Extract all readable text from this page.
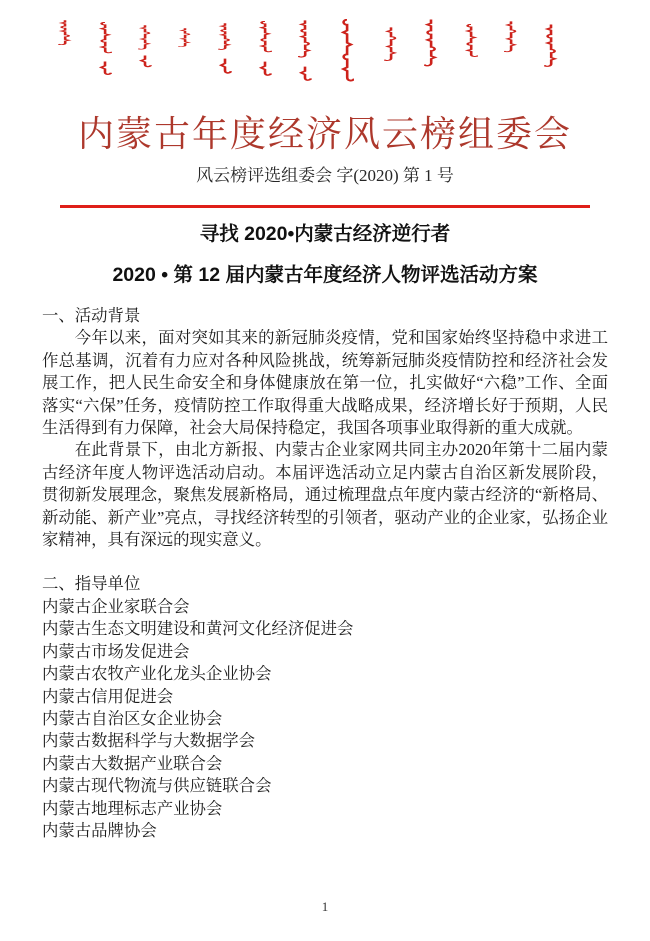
内蒙古年度经济风云榜组委会
风云榜评选组委会 字(2020) 第 1 号
寻找 2020•内蒙古经济逆行者
2020 • 第 12 届内蒙古年度经济人物评选活动方案
一、活动背景

今年以来，面对突如其来的新冠肺炎疫情，党和国家始终坚持稳中求进工作总基调，沉着有力应对各种风险挑战，统筹新冠肺炎疫情防控和经济社会发展工作，把人民生命安全和身体健康放在第一位，扎实做好“六稳”工作、全面落实“六保”任务，疫情防控工作取得重大战略成果，经济增长好于预期，人民生活得到有力保障，社会大局保持稳定，我国各项事业取得新的重大成就。

在此背景下，由北方新报、内蒙古企业家网共同主办2020年第十二届内蒙古经济年度人物评选活动启动。本届评选活动立足内蒙古自治区新发展阶段，贯彻新发展理念，聚焦发展新格局，通过梳理盘点年度内蒙古经济的“新格局、新动能、新产业”亮点，寻找经济转型的引领者，驱动产业的企业家，弘扬企业家精神，具有深远的现实意义。

二、指导单位
内蒙古企业家联合会
内蒙古生态文明建设和黄河文化经济促进会
内蒙古市场发促进会
内蒙古农牧产业化龙头企业协会
内蒙古信用促进会
内蒙古自治区女企业协会
内蒙古数据科学与大数据学会
内蒙古大数据产业联合会
内蒙古现代物流与供应链联合会
内蒙古地理标志产业协会
内蒙古品牌协会
1
